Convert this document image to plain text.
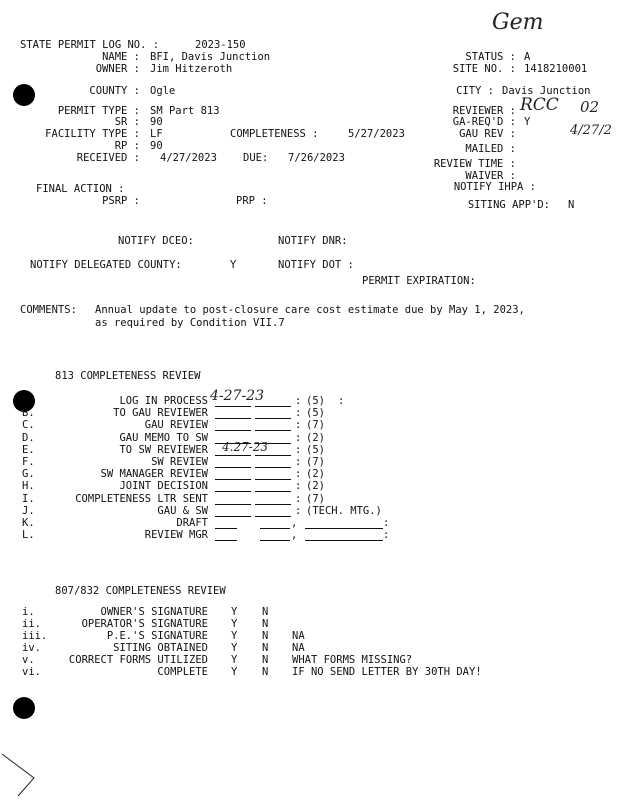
Gem
STATE PERMIT LOG NO. :	2023-150
NAME : BFI, Davis Junction
OWNER : Jim Hitzeroth
COUNTY : Ogle
PERMIT TYPE : SM Part 813
SR : 90
FACILITY TYPE : LF	COMPLETENESS :	5/27/2023
RP : 90
RECEIVED : 4/27/2023 DUE: 7/26/2023
STATUS : A
SITE NO. : 1418210001
CITY : Davis Junction
REVIEWER : RCC 02
GA-REQ'D : Y
4/27/2
GAU REV :
MAILED :
REVIEW TIME :
WAIVER :
NOTIFY IHPA :
SITING APP'D: N
FINAL ACTION :
PSRP :	PRP :
NOTIFY DCEO:	NOTIFY DNR:
NOTIFY DELEGATED COUNTY:	Y	NOTIFY DOT :
PERMIT EXPIRATION:
COMMENTS: Annual update to post-closure care cost estimate due by May 1, 2023,
as required by Condition VII.7
813 COMPLETENESS REVIEW
LOG IN PROCESS	: (5) :
B.	TO GAU REVIEWER	: (5)
C.	GAU REVIEW	: (7)
D.	GAU MEMO TO SW	: (2)
E.	TO SW REVIEWER	: (5)
F.	SW REVIEW	: (7)
G.	SW MANAGER REVIEW	: (2)
H.	JOINT DECISION	: (2)
I.	COMPLETENESS LTR SENT	: (7)
J.	GAU & SW	: (TECH. MTG.)
K.	DRAFT	,	:
L.	REVIEW MGR	,	:
4-27-23
4.27-23
807/832 COMPLETENESS REVIEW
i.	OWNER'S SIGNATURE Y N
ii.	OPERATOR'S SIGNATURE Y N
iii.	P.E.'S SIGNATURE Y N NA
iv.	SITING OBTAINED Y N NA
v.	CORRECT FORMS UTILIZED Y N WHAT FORMS MISSING?
vi.	COMPLETE Y N IF NO SEND LETTER BY 30TH DAY!
